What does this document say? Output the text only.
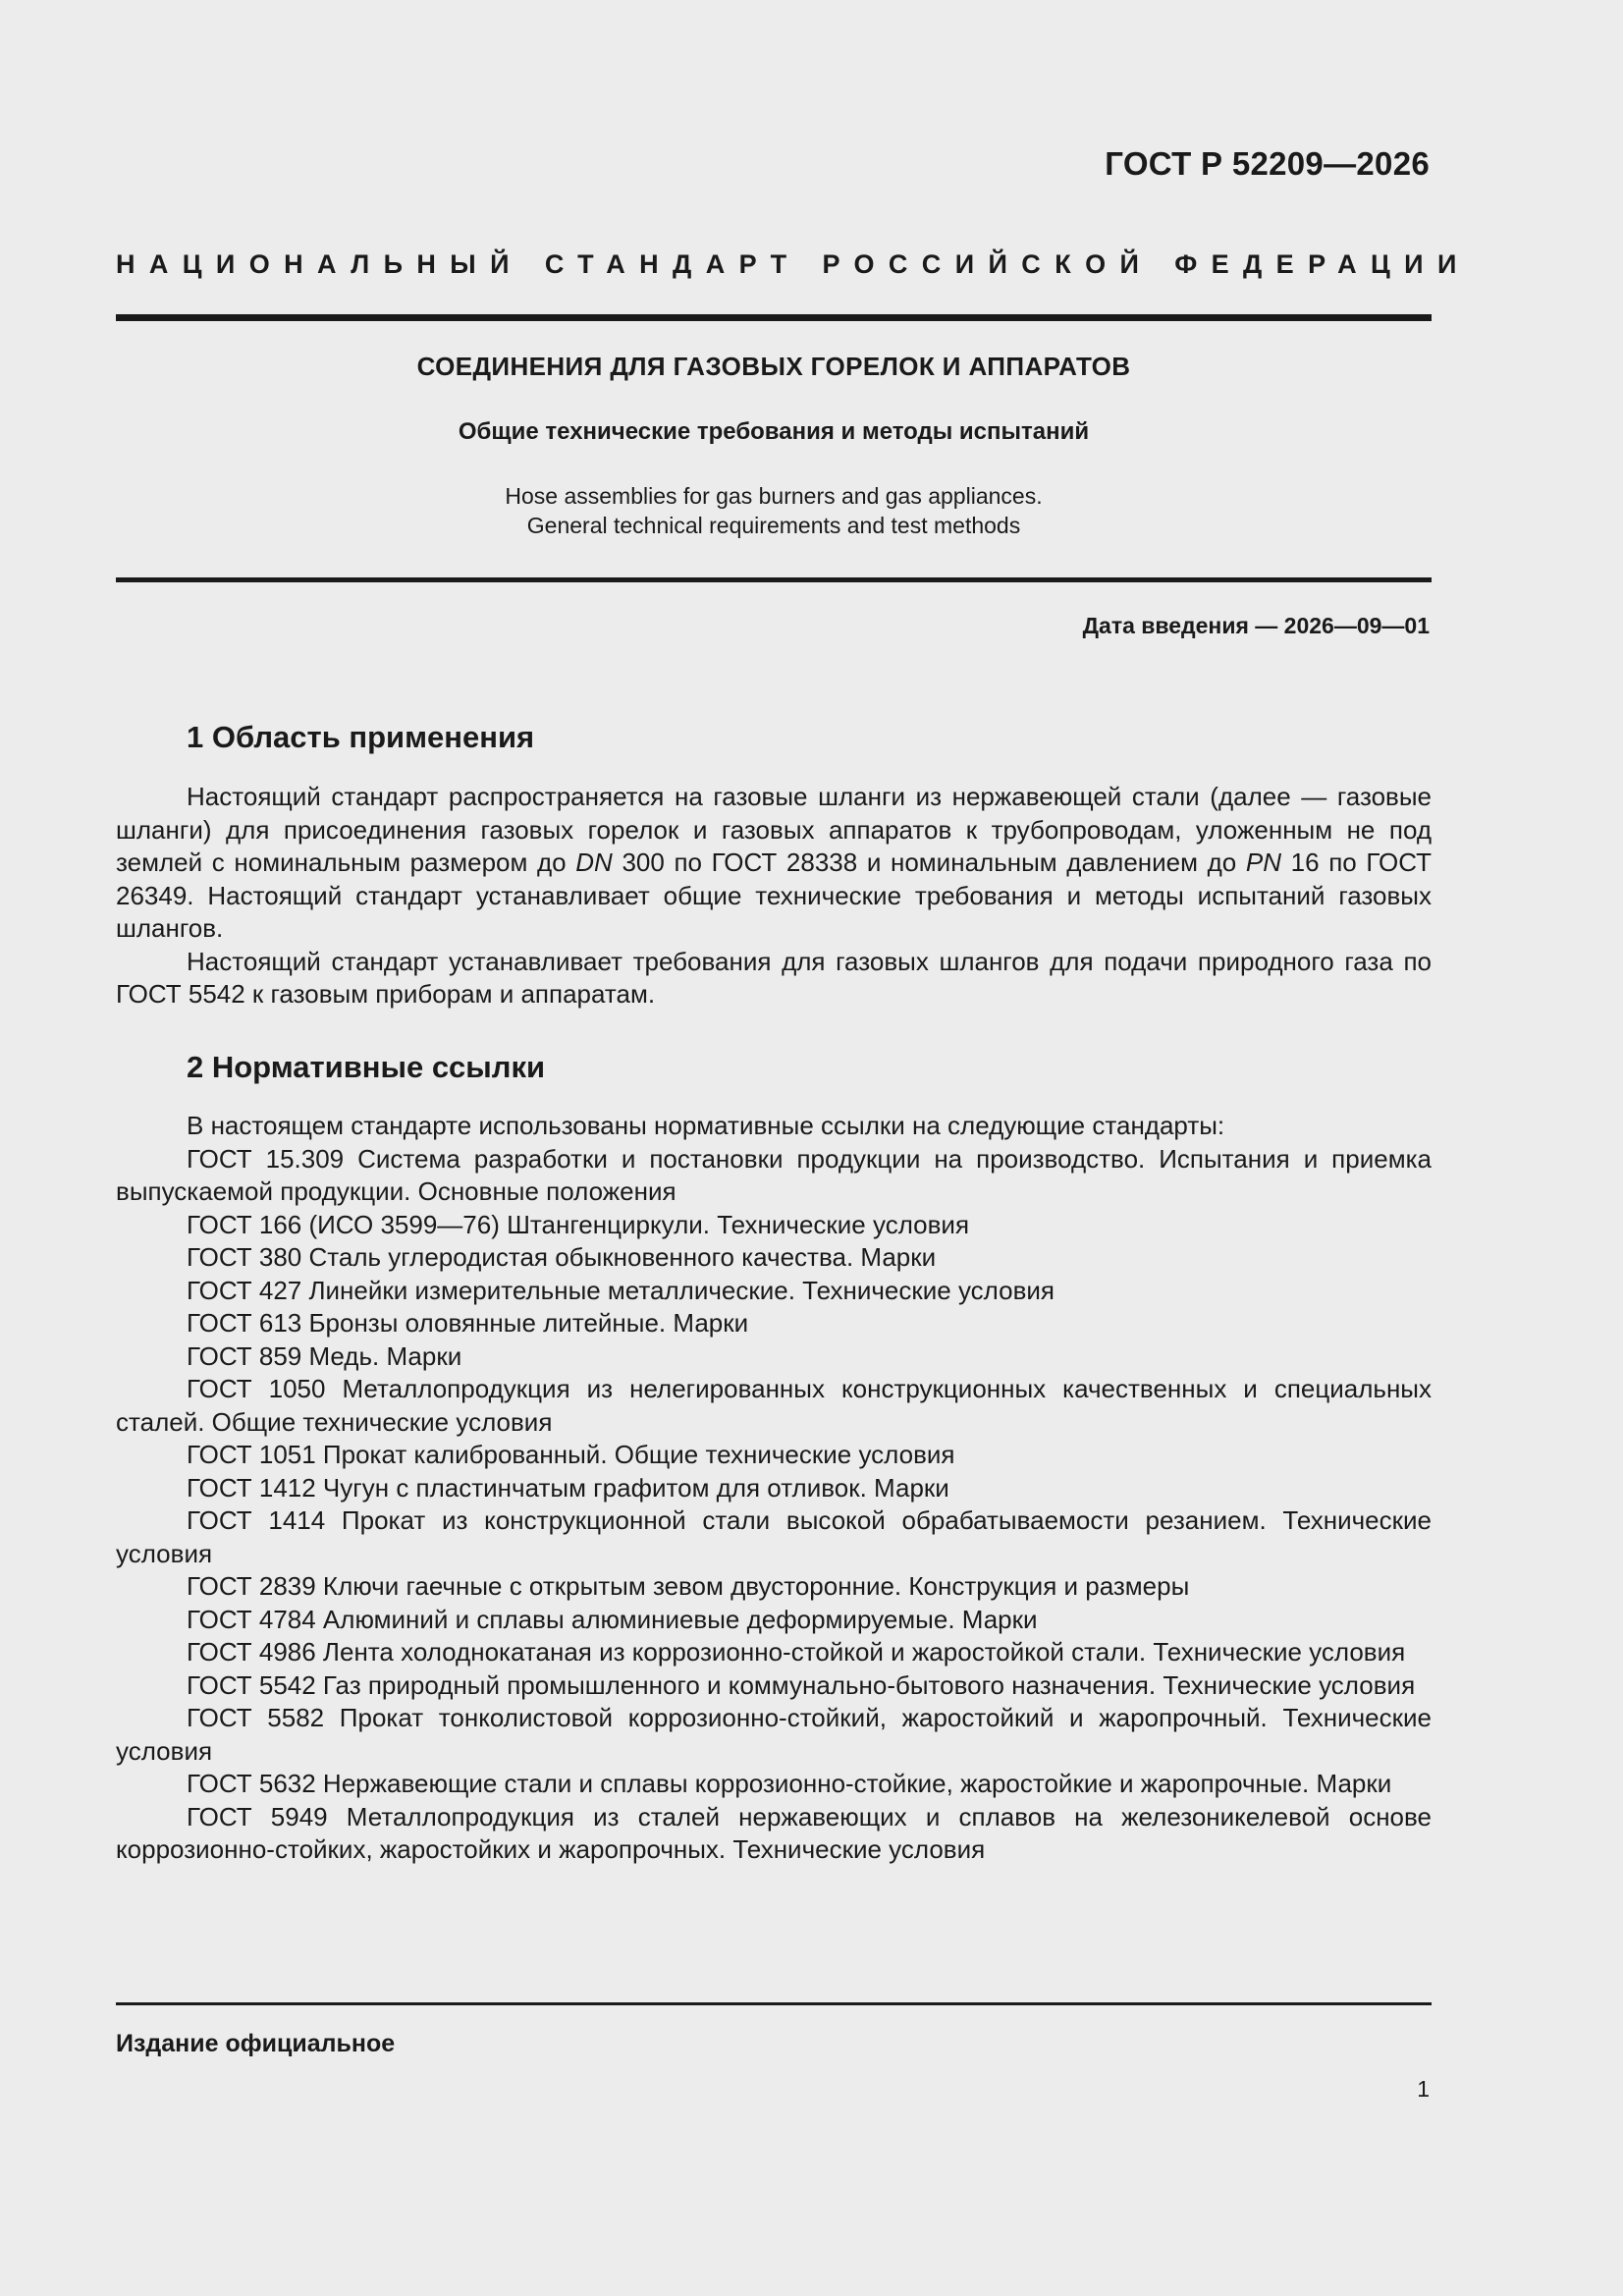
ГОСТ Р 52209—2026
НАЦИОНАЛЬНЫЙ СТАНДАРТ РОССИЙСКОЙ ФЕДЕРАЦИИ
СОЕДИНЕНИЯ ДЛЯ ГАЗОВЫХ ГОРЕЛОК И АППАРАТОВ
Общие технические требования и методы испытаний
Hose assemblies for gas burners and gas appliances.
General technical requirements and test methods
Дата введения — 2026—09—01
1 Область применения

Настоящий стандарт распространяется на газовые шланги из нержавеющей стали (далее — газовые шланги) для присоединения газовых горелок и газовых аппаратов к трубопроводам, уложенным не под землей с номинальным размером до DN 300 по ГОСТ 28338 и номинальным давлением до PN 16 по ГОСТ 26349. Настоящий стандарт устанавливает общие технические требования и методы испытаний газовых шлангов.

Настоящий стандарт устанавливает требования для газовых шлангов для подачи природного газа по ГОСТ 5542 к газовым приборам и аппаратам.

2 Нормативные ссылки

В настоящем стандарте использованы нормативные ссылки на следующие стандарты:

ГОСТ 15.309 Система разработки и постановки продукции на производство. Испытания и приемка выпускаемой продукции. Основные положения

ГОСТ 166 (ИСО 3599—76) Штангенциркули. Технические условия

ГОСТ 380 Сталь углеродистая обыкновенного качества. Марки

ГОСТ 427 Линейки измерительные металлические. Технические условия

ГОСТ 613 Бронзы оловянные литейные. Марки

ГОСТ 859 Медь. Марки

ГОСТ 1050 Металлопродукция из нелегированных конструкционных качественных и специальных сталей. Общие технические условия

ГОСТ 1051 Прокат калиброванный. Общие технические условия

ГОСТ 1412 Чугун с пластинчатым графитом для отливок. Марки

ГОСТ 1414 Прокат из конструкционной стали высокой обрабатываемости резанием. Технические условия

ГОСТ 2839 Ключи гаечные с открытым зевом двусторонние. Конструкция и размеры

ГОСТ 4784 Алюминий и сплавы алюминиевые деформируемые. Марки

ГОСТ 4986 Лента холоднокатаная из коррозионно-стойкой и жаростойкой стали. Технические условия

ГОСТ 5542 Газ природный промышленного и коммунально-бытового назначения. Технические условия

ГОСТ 5582 Прокат тонколистовой коррозионно-стойкий, жаростойкий и жаропрочный. Технические условия

ГОСТ 5632 Нержавеющие стали и сплавы коррозионно-стойкие, жаростойкие и жаропрочные. Марки

ГОСТ 5949 Металлопродукция из сталей нержавеющих и сплавов на железоникелевой основе коррозионно-стойких, жаростойких и жаропрочных. Технические условия

Издание официальное
1
